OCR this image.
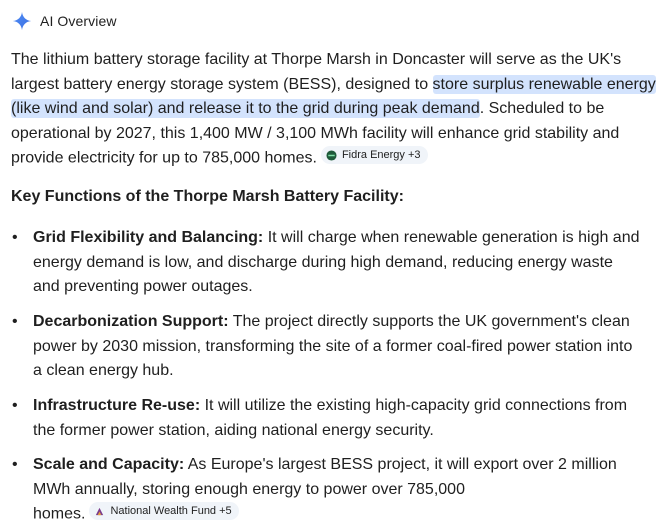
AI Overview
The lithium battery storage facility at Thorpe Marsh in Doncaster will serve as the UK's largest battery energy storage system (BESS), designed to store surplus renewable energy (like wind and solar) and release it to the grid during peak demand. Scheduled to be operational by 2027, this 1,400 MW / 3,100 MWh facility will enhance grid stability and provide electricity for up to 785,000 homes. Fidra Energy +3
Key Functions of the Thorpe Marsh Battery Facility:
• Grid Flexibility and Balancing: It will charge when renewable generation is high and energy demand is low, and discharge during high demand, reducing energy waste and preventing power outages.
• Decarbonization Support: The project directly supports the UK government's clean power by 2030 mission, transforming the site of a former coal-fired power station into a clean energy hub.
• Infrastructure Re-use: It will utilize the existing high-capacity grid connections from the former power station, aiding national energy security.
• Scale and Capacity: As Europe's largest BESS project, it will export over 2 million MWh annually, storing enough energy to power over 785,000
homes. National Wealth Fund +5
